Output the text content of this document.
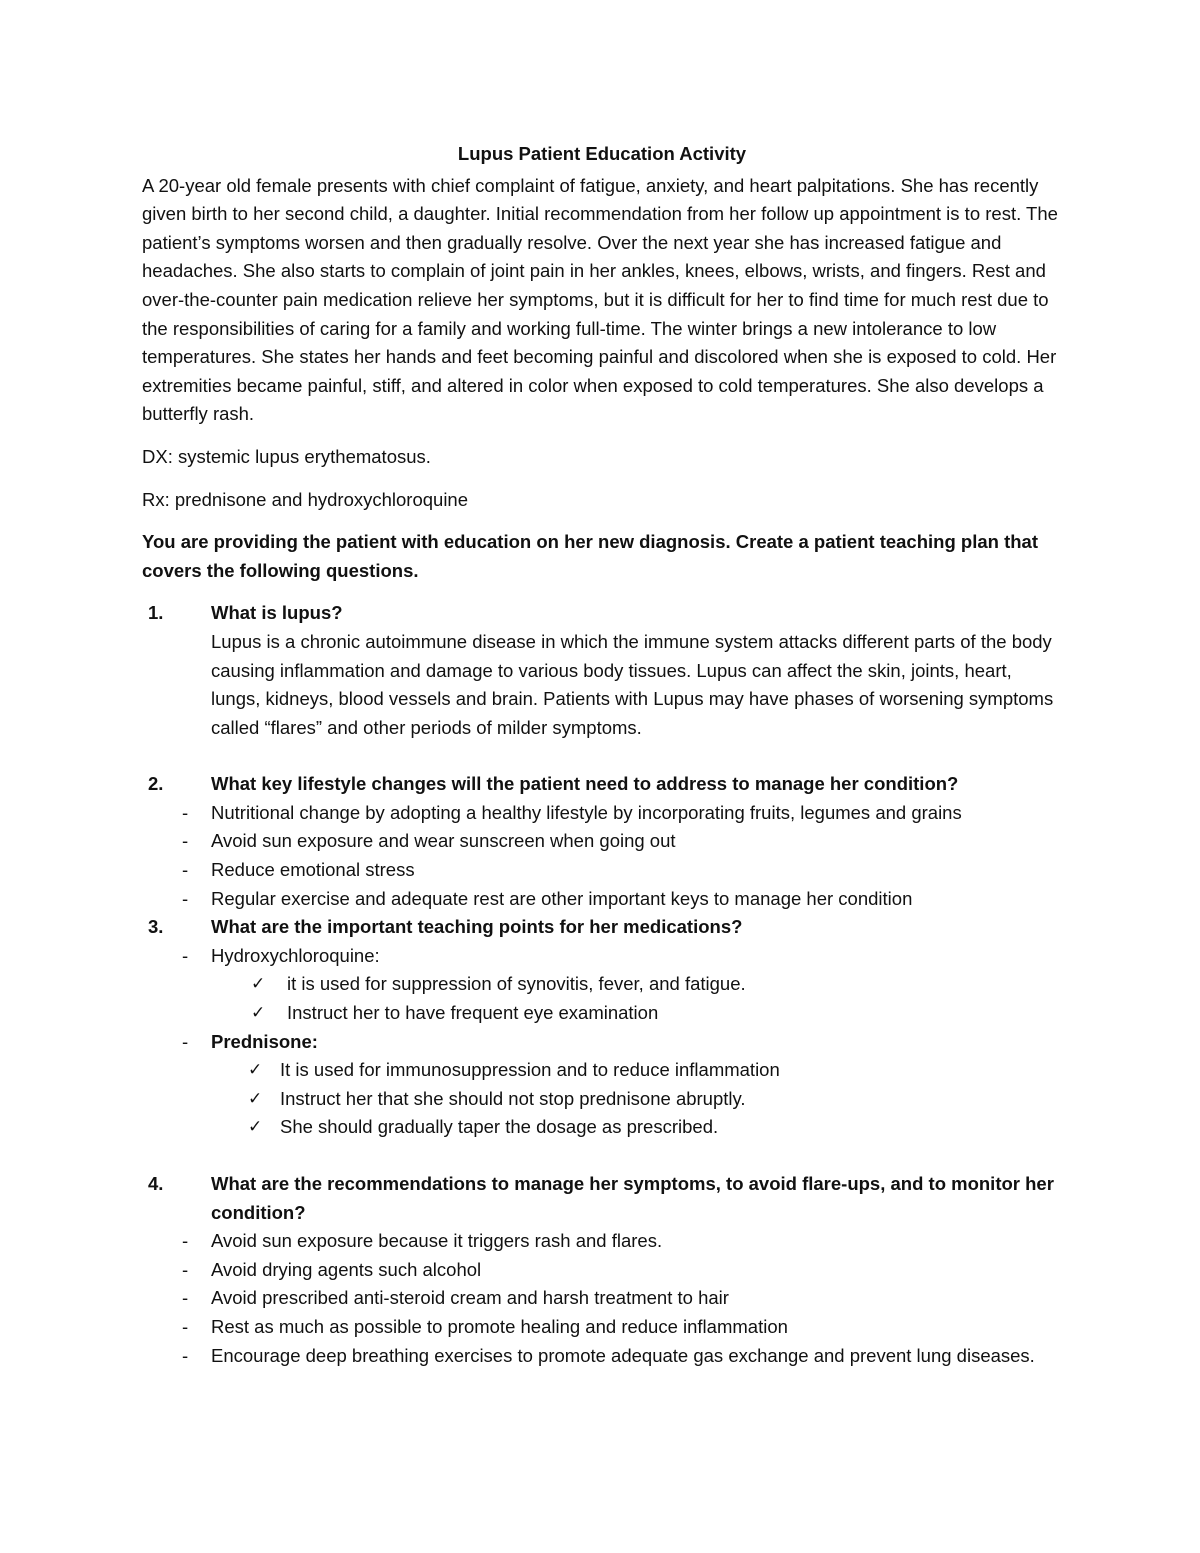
Lupus Patient Education Activity

A 20-year old female presents with chief complaint of fatigue, anxiety, and heart palpitations. She has recently given birth to her second child, a daughter. Initial recommendation from her follow up appointment is to rest. The patient’s symptoms worsen and then gradually resolve. Over the next year she has increased fatigue and headaches. She also starts to complain of joint pain in her ankles, knees, elbows, wrists, and fingers. Rest and over-the-counter pain medication relieve her symptoms, but it is difficult for her to find time for much rest due to the responsibilities of caring for a family and working full-time. The winter brings a new intolerance to low temperatures. She states her hands and feet becoming painful and discolored when she is exposed to cold. Her extremities became painful, stiff, and altered in color when exposed to cold temperatures. She also develops a butterfly rash.

DX: systemic lupus erythematosus.

Rx: prednisone and hydroxychloroquine

You are providing the patient with education on her new diagnosis. Create a patient teaching plan that covers the following questions.

1.	What is lupus?
Lupus is a chronic autoimmune disease in which the immune system attacks different parts of the body causing inflammation and damage to various body tissues. Lupus can affect the skin, joints, heart, lungs, kidneys, blood vessels and brain. Patients with Lupus may have phases of worsening symptoms called “flares” and other periods of milder symptoms.
2.	What key lifestyle changes will the patient need to address to manage her condition?
- Nutritional change by adopting a healthy lifestyle by incorporating fruits, legumes and grains
- Avoid sun exposure and wear sunscreen when going out
- Reduce emotional stress
- Regular exercise and adequate rest are other important keys to manage her condition
3.	What are the important teaching points for her medications?
- Hydroxychloroquine:
✓ it is used for suppression of synovitis, fever, and fatigue.
✓ Instruct her to have frequent eye examination
- Prednisone:
✓ It is used for immunosuppression and to reduce inflammation
✓ Instruct her that she should not stop prednisone abruptly.
✓ She should gradually taper the dosage as prescribed.
4.	What are the recommendations to manage her symptoms, to avoid flare-ups, and to monitor her condition?
- Avoid sun exposure because it triggers rash and flares.
- Avoid drying agents such alcohol
- Avoid prescribed anti-steroid cream and harsh treatment to hair
- Rest as much as possible to promote healing and reduce inflammation
- Encourage deep breathing exercises to promote adequate gas exchange and prevent lung diseases.
